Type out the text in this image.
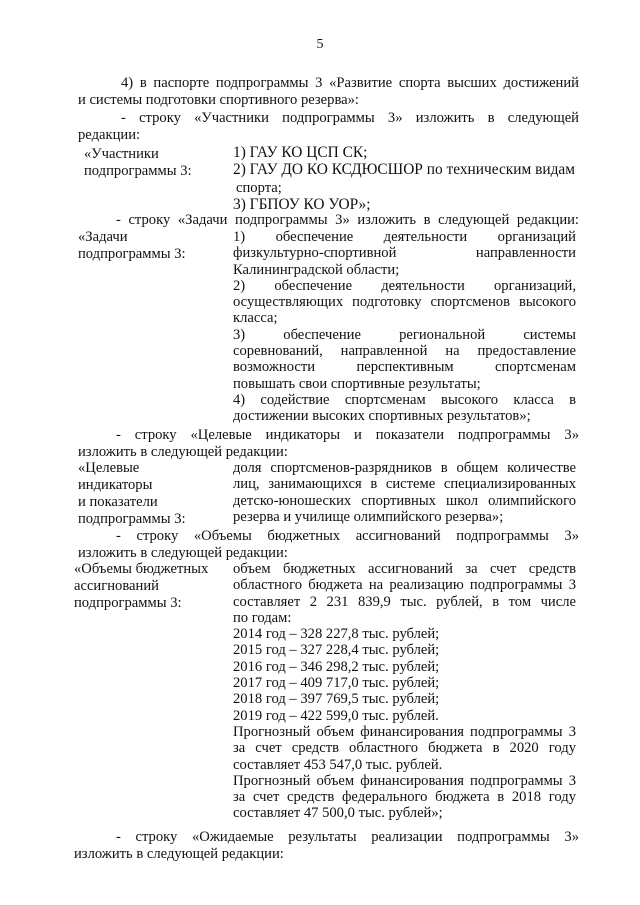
5
4) в паспорте подпрограммы 3 «Развитие спорта высших достижений
и системы подготовки спортивного резерва»:
- строку «Участники подпрограммы 3» изложить в следующей
редакции:
«Участники
подпрограммы 3:
1) ГАУ КО ЦСП СК;
2) ГАУ ДО КО КСДЮСШОР по техническим видам
спорта;
3) ГБПОУ КО УОР»;
- строку «Задачи подпрограммы 3» изложить в следующей редакции:
«Задачи
подпрограммы 3:
1) обеспечение деятельности организаций
физкультурно-спортивной направленности
Калининградской области;
2) обеспечение деятельности организаций,
осуществляющих подготовку спортсменов высокого
класса;
3) обеспечение региональной системы
соревнований, направленной на предоставление
возможности перспективным спортсменам
повышать свои спортивные результаты;
4) содействие спортсменам высокого класса в
достижении высоких спортивных результатов»;
- строку «Целевые индикаторы и показатели подпрограммы 3»
изложить в следующей редакции:
«Целевые
индикаторы
и показатели
подпрограммы 3:
доля спортсменов-разрядников в общем количестве
лиц, занимающихся в системе специализированных
детско-юношеских спортивных школ олимпийского
резерва и училище олимпийского резерва»;
- строку «Объемы бюджетных ассигнований подпрограммы 3»
изложить в следующей редакции:
«Объемы бюджетных
ассигнований
подпрограммы 3:
объем бюджетных ассигнований за счет средств
областного бюджета на реализацию подпрограммы 3
составляет 2 231 839,9 тыс. рублей, в том числе
по годам:
2014 год – 328 227,8 тыс. рублей;
2015 год – 327 228,4 тыс. рублей;
2016 год – 346 298,2 тыс. рублей;
2017 год – 409 717,0 тыс. рублей;
2018 год – 397 769,5 тыс. рублей;
2019 год – 422 599,0 тыс. рублей.
Прогнозный объем финансирования подпрограммы 3
за счет средств областного бюджета в 2020 году
составляет 453 547,0 тыс. рублей.
Прогнозный объем финансирования подпрограммы 3
за счет средств федерального бюджета в 2018 году
составляет 47 500,0 тыс. рублей»;
- строку «Ожидаемые результаты реализации подпрограммы 3»
изложить в следующей редакции:
